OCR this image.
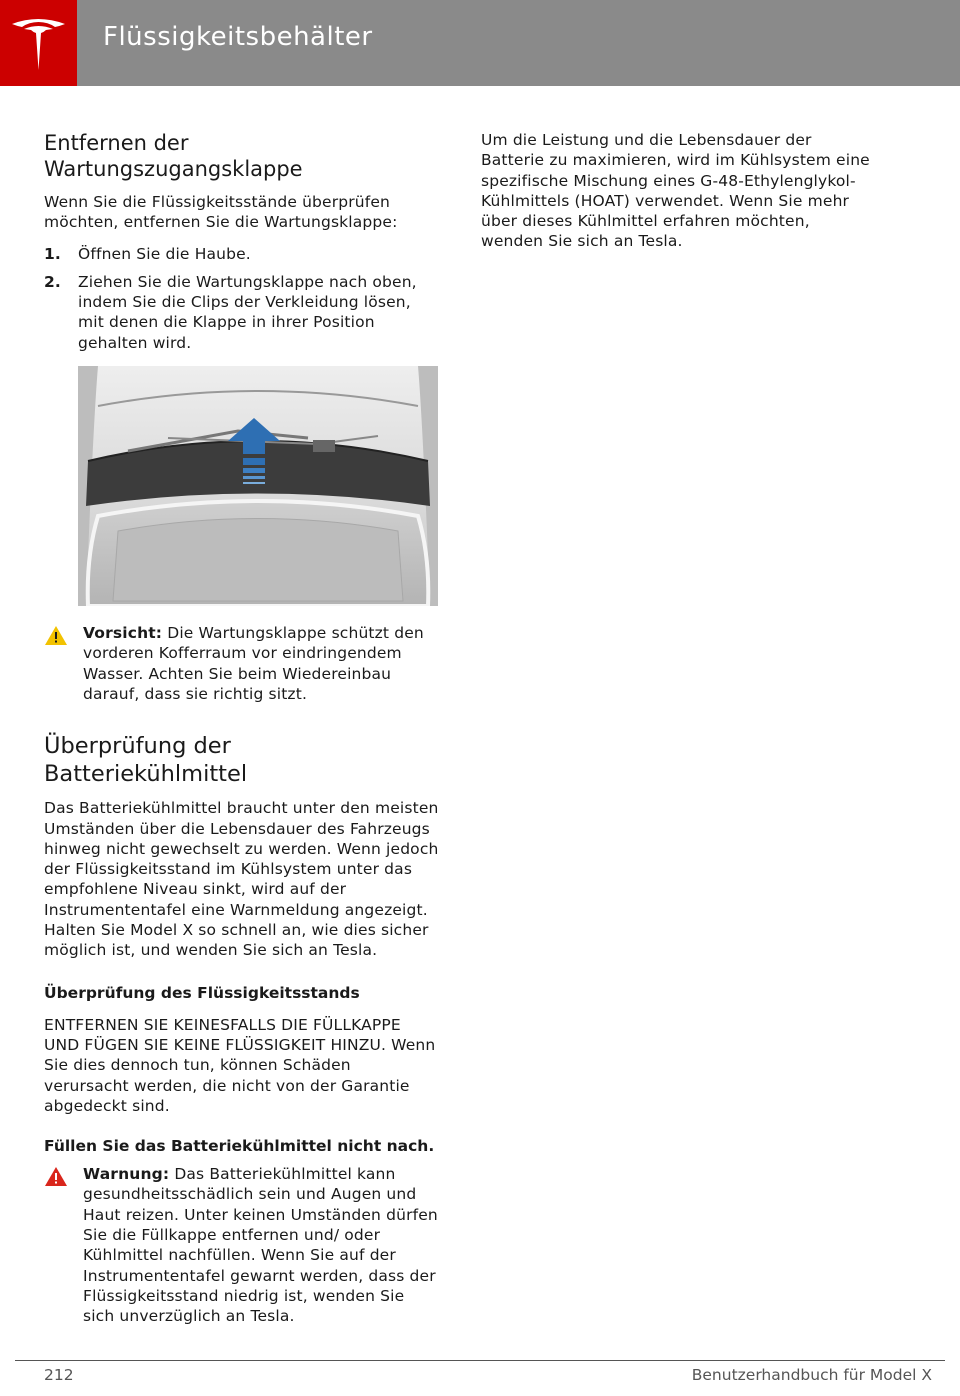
Flüssigkeitsbehälter
Entfernen der Wartungszugangsklappe

Wenn Sie die Flüssigkeitsstände überprüfen möchten, entfernen Sie die Wartungsklappe:

1. Öffnen Sie die Haube.
2. Ziehen Sie die Wartungsklappe nach oben, indem Sie die Clips der Verkleidung lösen, mit denen die Klappe in ihrer Position gehalten wird.
Vorsicht: Die Wartungsklappe schützt den vorderen Kofferraum vor eindringendem Wasser. Achten Sie beim Wiedereinbau darauf, dass sie richtig sitzt.
Überprüfung der Batteriekühlmittel

Das Batteriekühlmittel braucht unter den meisten Umständen über die Lebensdauer des Fahrzeugs hinweg nicht gewechselt zu werden. Wenn jedoch der Flüssigkeitsstand im Kühlsystem unter das empfohlene Niveau sinkt, wird auf der Instrumententafel eine Warnmeldung angezeigt. Halten Sie Model X so schnell an, wie dies sicher möglich ist, und wenden Sie sich an Tesla.

Überprüfung des Flüssigkeitsstands

ENTFERNEN SIE KEINESFALLS DIE FÜLLKAPPE UND FÜGEN SIE KEINE FLÜSSIGKEIT HINZU. Wenn Sie dies dennoch tun, können Schäden verursacht werden, die nicht von der Garantie abgedeckt sind.

Füllen Sie das Batteriekühlmittel nicht nach.
Warnung: Das Batteriekühlmittel kann gesundheitsschädlich sein und Augen und Haut reizen. Unter keinen Umständen dürfen Sie die Füllkappe entfernen und/ oder Kühlmittel nachfüllen. Wenn Sie auf der Instrumententafel gewarnt werden, dass der Flüssigkeitsstand niedrig ist, wenden Sie sich unverzüglich an Tesla.

Um die Leistung und die Lebensdauer der Batterie zu maximieren, wird im Kühlsystem eine spezifische Mischung eines G-48-Ethylenglykol-Kühlmittels (HOAT) verwendet. Wenn Sie mehr über dieses Kühlmittel erfahren möchten, wenden Sie sich an Tesla.

212	Benutzerhandbuch für Model X
